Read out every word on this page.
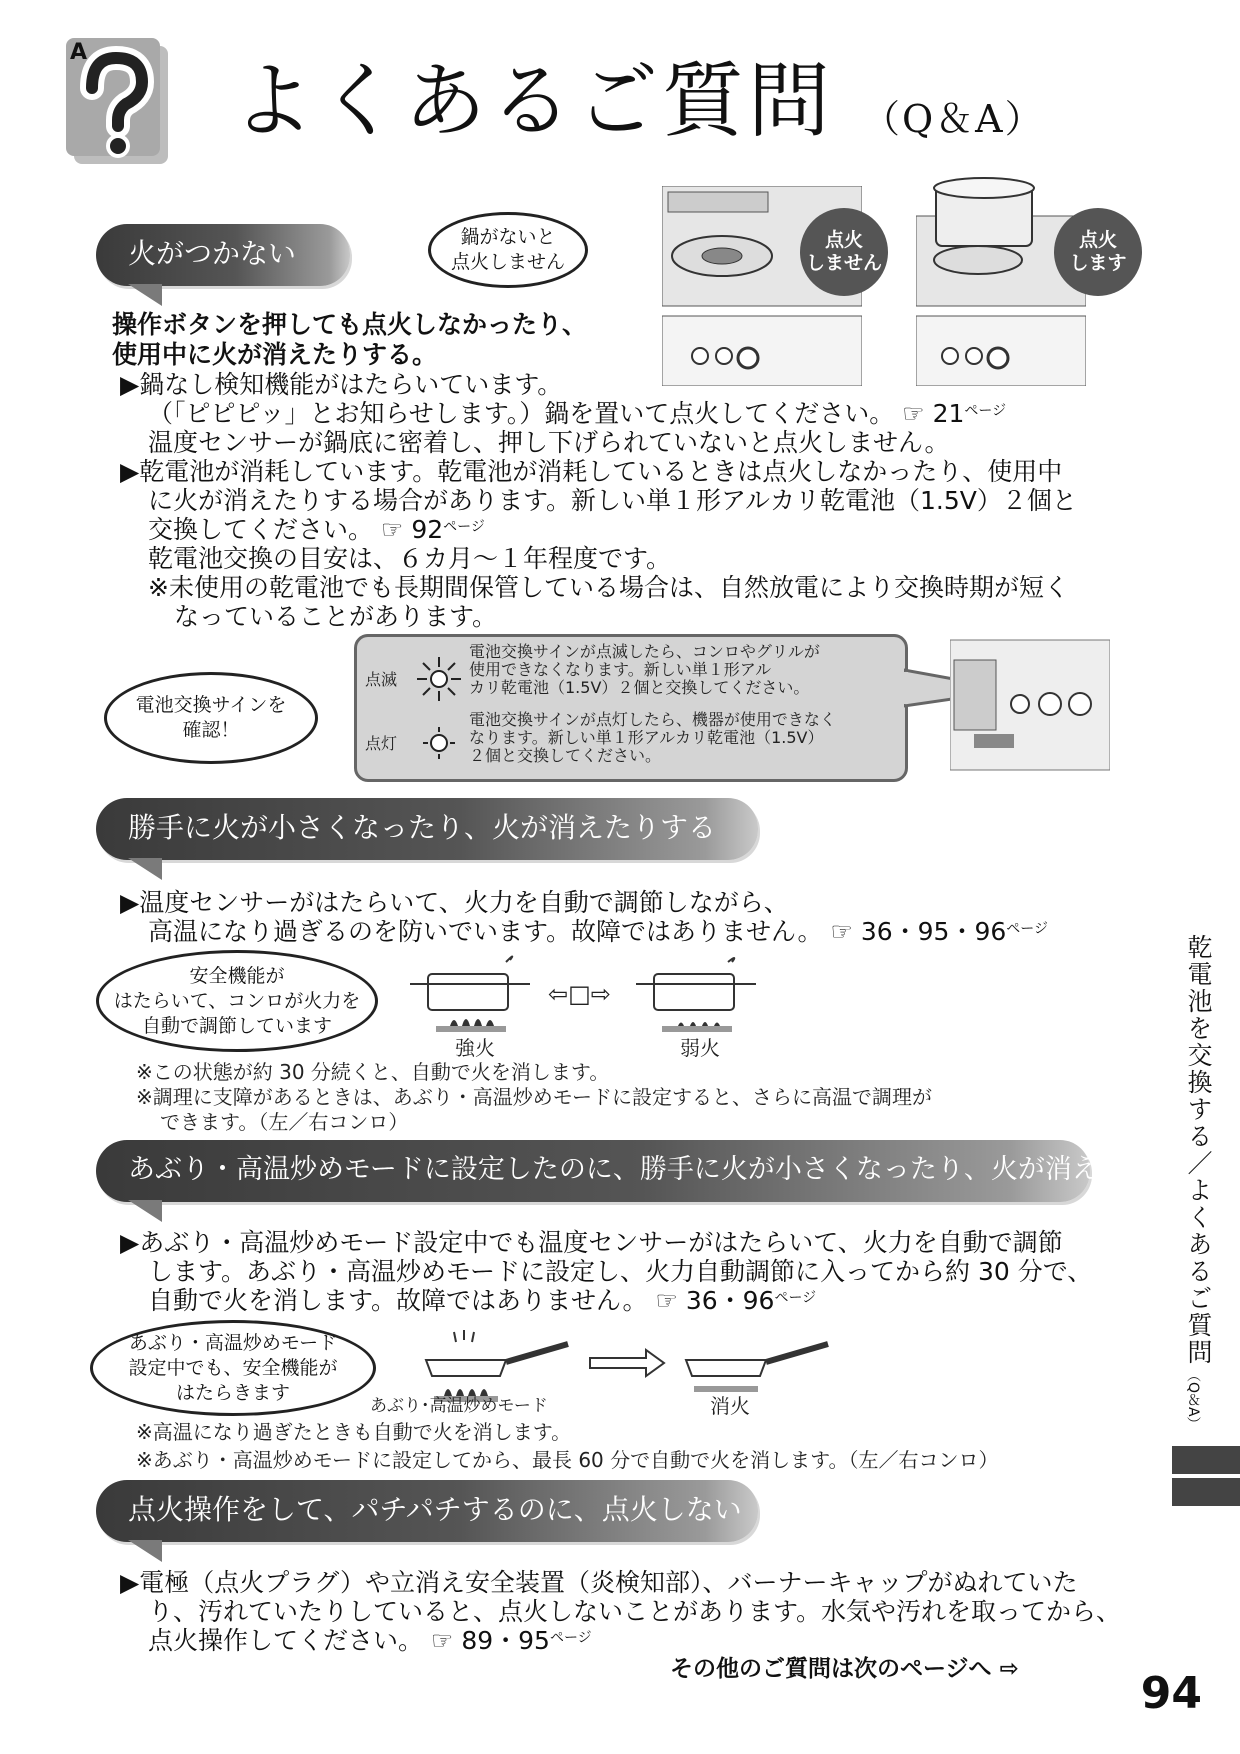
A
よくあるご質問 （Q＆A）
火がつかない	鍋がないと
点火しません
点火
しません
点火
します
操作ボタンを押しても点火しなかったり、
使用中に火が消えたりする。
▶鍋なし検知機能がはたらいています。
（「ピピピッ」とお知らせします。）鍋を置いて点火してください。 ☞ 21$^{ページ}$
温度センサーが鍋底に密着し、押し下げられていないと点火しません。
▶乾電池が消耗しています。乾電池が消耗しているときは点火しなかったり、使用中
に火が消えたりする場合があります。新しい単１形アルカリ乾電池（1.5V）２個と
交換してください。 ☞ 92$^{ページ}$
乾電池交換の目安は、６カ月～１年程度です。
※未使用の乾電池でも長期間保管している場合は、自然放電により交換時期が短く
なっていることがあります。
電池交換サインを
確認！
点滅
電池交換サインが点滅したら、コンロやグリルが
使用できなくなります。新しい単１形アル
カリ乾電池（1.5V）２個と交換してください。
点灯
電池交換サインが点灯したら、機器が使用できなく
なります。新しい単１形アルカリ乾電池（1.5V）
２個と交換してください。
勝手に火が小さくなったり、火が消えたりする
▶温度センサーがはたらいて、火力を自動で調節しながら、
高温になり過ぎるのを防いでいます。故障ではありません。 ☞ 36・95・96$^{ページ}$
安全機能が
はたらいて、コンロが火力を
自動で調節しています
強火
⇦□⇨
弱火
※この状態が約 30 分続くと、自動で火を消します。
※調理に支障があるときは、あぶり・高温炒めモードに設定すると、さらに高温で調理が
できます。（左／右コンロ）
あぶり・高温炒めモードに設定したのに、勝手に火が小さくなったり、火が消えたりする
▶あぶり・高温炒めモード設定中でも温度センサーがはたらいて、火力を自動で調節
します。あぶり・高温炒めモードに設定し、火力自動調節に入ってから約 30 分で、
自動で火を消します。故障ではありません。 ☞ 36・96$^{ページ}$
あぶり・高温炒めモード
設定中でも、安全機能が
はたらきます
あぶり･高温炒めモード	消火
※高温になり過ぎたときも自動で火を消します。
※あぶり・高温炒めモードに設定してから、最長 60 分で自動で火を消します。（左／右コンロ）
点火操作をして、パチパチするのに、点火しない
▶電極（点火プラグ）や立消え安全装置（炎検知部）、バーナーキャップがぬれていた
り、汚れていたりしていると、点火しないことがあります。水気や汚れを取ってから、
点火操作してください。 ☞ 89・95$^{ページ}$
その他のご質問は次のページへ ⇨	94
乾電池を交換する／よくあるご質問
（Q＆A）
